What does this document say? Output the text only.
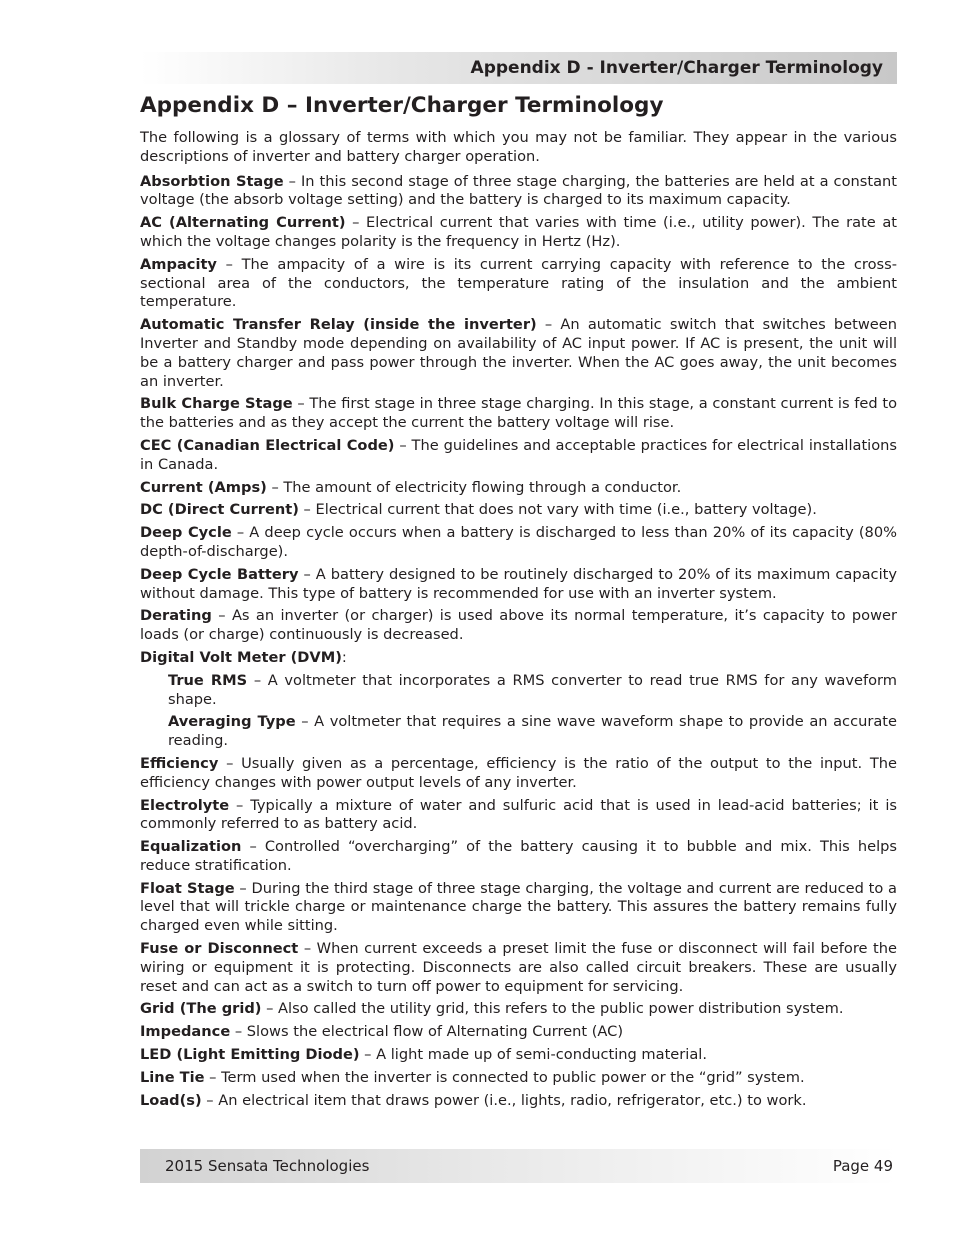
Appendix D - Inverter/Charger Terminology
Appendix D – Inverter/Charger Terminology

The following is a glossary of terms with which you may not be familiar. They appear in the various descriptions of inverter and battery charger operation.

Absorbtion Stage – In this second stage of three stage charging, the batteries are held at a constant voltage (the absorb voltage setting) and the battery is charged to its maximum capacity.

AC (Alternating Current) – Electrical current that varies with time (i.e., utility power). The rate at which the voltage changes polarity is the frequency in Hertz (Hz).

Ampacity – The ampacity of a wire is its current carrying capacity with reference to the cross-sectional area of the conductors, the temperature rating of the insulation and the ambient temperature.

Automatic Transfer Relay (inside the inverter) – An automatic switch that switches between Inverter and Standby mode depending on availability of AC input power. If AC is present, the unit will be a battery charger and pass power through the inverter. When the AC goes away, the unit becomes an inverter.

Bulk Charge Stage – The first stage in three stage charging. In this stage, a constant current is fed to the batteries and as they accept the current the battery voltage will rise.

CEC (Canadian Electrical Code) – The guidelines and acceptable practices for electrical installations in Canada.

Current (Amps) – The amount of electricity flowing through a conductor.

DC (Direct Current) – Electrical current that does not vary with time (i.e., battery voltage).

Deep Cycle – A deep cycle occurs when a battery is discharged to less than 20% of its capacity (80% depth-of-discharge).

Deep Cycle Battery – A battery designed to be routinely discharged to 20% of its maximum capacity without damage. This type of battery is recommended for use with an inverter system.

Derating – As an inverter (or charger) is used above its normal temperature, it’s capacity to power loads (or charge) continuously is decreased.

Digital Volt Meter (DVM):

True RMS – A voltmeter that incorporates a RMS converter to read true RMS for any waveform shape.

Averaging Type – A voltmeter that requires a sine wave waveform shape to provide an accurate reading.

Efficiency – Usually given as a percentage, efficiency is the ratio of the output to the input. The efficiency changes with power output levels of any inverter.

Electrolyte – Typically a mixture of water and sulfuric acid that is used in lead-acid batteries; it is commonly referred to as battery acid.

Equalization – Controlled “overcharging” of the battery causing it to bubble and mix. This helps reduce stratification.

Float Stage – During the third stage of three stage charging, the voltage and current are reduced to a level that will trickle charge or maintenance charge the battery. This assures the battery remains fully charged even while sitting.

Fuse or Disconnect – When current exceeds a preset limit the fuse or disconnect will fail before the wiring or equipment it is protecting. Disconnects are also called circuit breakers. These are usually reset and can act as a switch to turn off power to equipment for servicing.

Grid (The grid) – Also called the utility grid, this refers to the public power distribution system.

Impedance – Slows the electrical flow of Alternating Current (AC)

LED (Light Emitting Diode) – A light made up of semi-conducting material.

Line Tie – Term used when the inverter is connected to public power or the “grid” system.

Load(s) – An electrical item that draws power (i.e., lights, radio, refrigerator, etc.) to work.

2015 Sensata Technologies	Page 49
